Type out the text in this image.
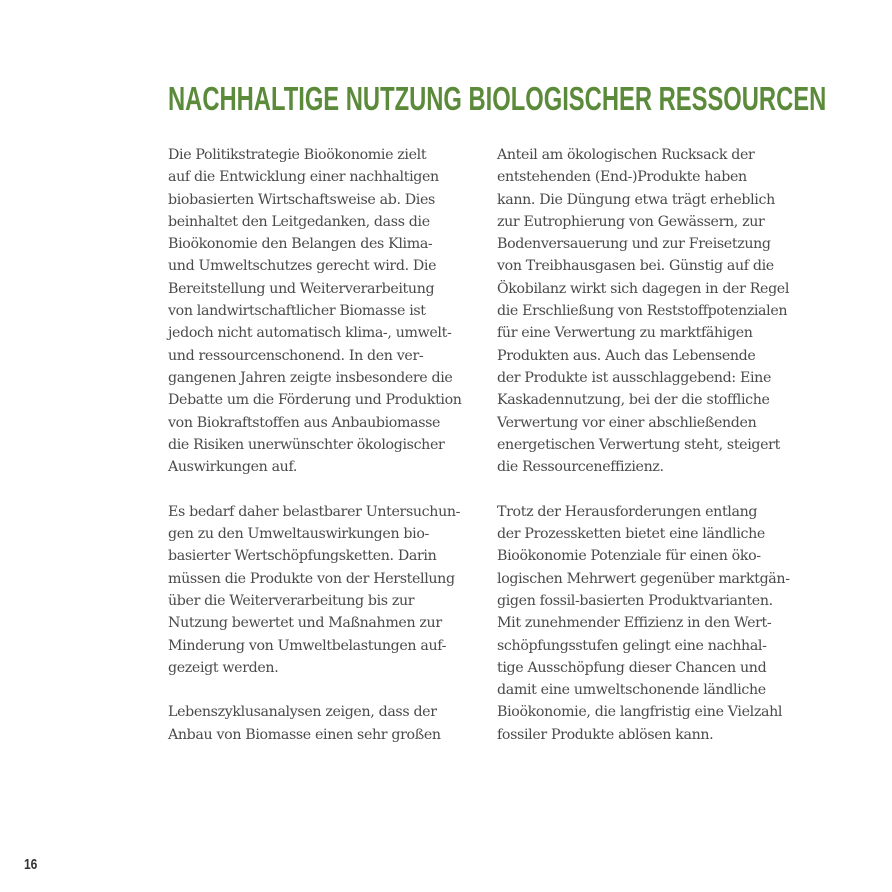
NACHHALTIGE NUTZUNG BIOLOGISCHER RESSOURCEN
Die Politikstrategie Bioökonomie zielt
auf die Entwicklung einer nachhaltigen
biobasierten Wirtschaftsweise ab. Dies
beinhaltet den Leitgedanken, dass die
Bioökonomie den Belangen des Klima-
und Umweltschutzes gerecht wird. Die
Bereitstellung und Weiterverarbeitung
von landwirtschaftlicher Biomasse ist
jedoch nicht automatisch klima-, umwelt-
und ressourcenschonend. In den ver-
gangenen Jahren zeigte insbesondere die
Debatte um die Förderung und Produktion
von Biokraftstoffen aus Anbaubiomasse
die Risiken unerwünschter ökologischer
Auswirkungen auf.
Es bedarf daher belastbarer Untersuchun-
gen zu den Umweltauswirkungen bio-
basierter Wertschöpfungsketten. Darin
müssen die Produkte von der Herstellung
über die Weiterverarbeitung bis zur
Nutzung bewertet und Maßnahmen zur
Minderung von Umweltbelastungen auf-
gezeigt werden.
Lebenszyklusanalysen zeigen, dass der
Anbau von Biomasse einen sehr großen
Anteil am ökologischen Rucksack der
entstehenden (End-)Produkte haben
kann. Die Düngung etwa trägt erheblich
zur Eutrophierung von Gewässern, zur
Bodenversauerung und zur Freisetzung
von Treibhausgasen bei. Günstig auf die
Ökobilanz wirkt sich dagegen in der Regel
die Erschließung von Reststoffpotenzialen
für eine Verwertung zu marktfähigen
Produkten aus. Auch das Lebensende
der Produkte ist ausschlaggebend: Eine
Kaskadennutzung, bei der die stoffliche
Verwertung vor einer abschließenden
energetischen Verwertung steht, steigert
die Ressourceneffizienz.
Trotz der Herausforderungen entlang
der Prozessketten bietet eine ländliche
Bioökonomie Potenziale für einen öko-
logischen Mehrwert gegenüber marktgän-
gigen fossil-basierten Produktvarianten.
Mit zunehmender Effizienz in den Wert-
schöpfungsstufen gelingt eine nachhal-
tige Ausschöpfung dieser Chancen und
damit eine umweltschonende ländliche
Bioökonomie, die langfristig eine Vielzahl
fossiler Produkte ablösen kann.
16
